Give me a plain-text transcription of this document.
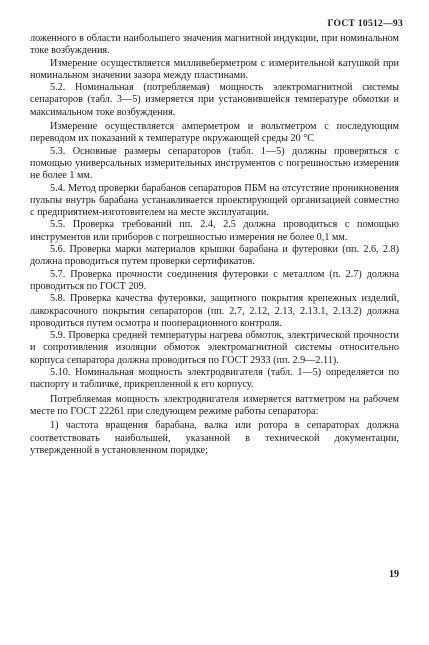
ГОСТ 10512—93

ложенного в области наибольшего значения магнитной индукции, при номинальном токе возбуждения.

Измерение осуществляется милливеберметром с измерительной катушкой при номинальном значении зазора между пластинами.

5.2. Номинальная (потребляемая) мощность электромагнитной системы сепараторов (табл. 3—5) измеряется при установившейся температуре обмотки и максимальном токе возбуждения.

Измерение осуществляется амперметром и вольтметром с последующим переводом их показаний к температуре окружающей среды 20 °С

5.3. Основные размеры сепараторов (табл. 1—5) должны проверяться с помощью универсальных измерительных инструментов с погрешностью измерения не более 1 мм.

5.4. Метод проверки барабанов сепараторов ПБМ на отсутствие проникновения пульпы внутрь барабана устанавливается проектирующей организацией совместно с предприятием-изготовителем на месте эксплуатации.

5.5. Проверка требований пп. 2.4, 2.5 должна проводиться с помощью инструментов или приборов с погрешностью измерения не более 0,1 мм.

5.6. Проверка марки материалов крышки барабана и футеровки (пп. 2.6, 2.8) должна проводиться путем проверки сертификатов.

5.7. Проверка прочности соединения футеровки с металлом (п. 2.7) должна проводиться по ГОСТ 209.

5.8. Проверка качества футеровки, защитного покрытия крепежных изделий, лакокрасочного покрытия сепараторов (пп. 2.7, 2.12, 2.13, 2.13.1, 2.13.2) должна проводиться путем осмотра и пооперационного контроля.

5.9. Проверка средней температуры нагрева обмоток, электрической прочности и сопротивления изоляции обмоток электромагнитной системы относительно корпуса сепаратора должна проводиться по ГОСТ 2933 (пп. 2.9—2.11).

5.10. Номинальная мощность электродвигателя (табл. 1—5) определяется по паспорту и табличке, прикрепленной к его корпусу.

Потребляемая мощность электродвигателя измеряется ваттметром на рабочем месте по ГОСТ 22261 при следующем режиме работы сепаратора:

1) частота вращения барабана, валка или ротора в сепараторах должна соответствовать наибольшей, указанной в технической документации, утвержденной в установленном порядке;

19
